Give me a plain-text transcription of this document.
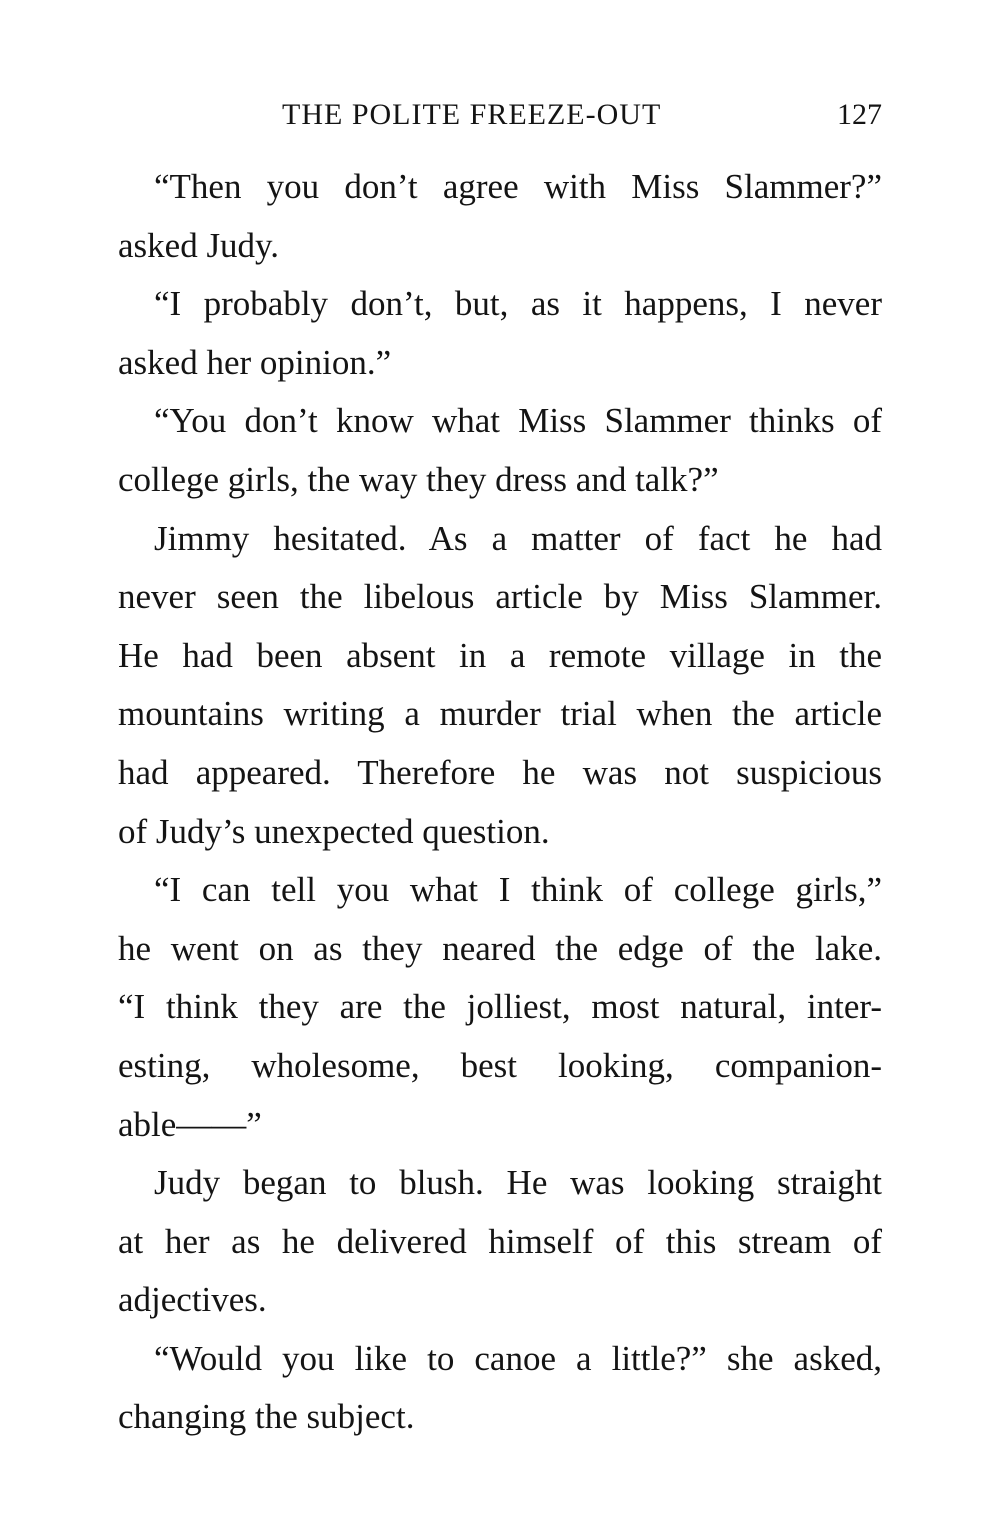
THE POLITE FREEZE-OUT	127
“Then you don’t agree with Miss Slammer?”
asked Judy.
“I probably don’t, but, as it happens, I never
asked her opinion.”
“You don’t know what Miss Slammer thinks of
college girls, the way they dress and talk?”
Jimmy hesitated. As a matter of fact he had
never seen the libelous article by Miss Slammer.
He had been absent in a remote village in the
mountains writing a murder trial when the article
had appeared. Therefore he was not suspicious
of Judy’s unexpected question.
“I can tell you what I think of college girls,”
he went on as they neared the edge of the lake.
“I think they are the jolliest, most natural, inter-
esting, wholesome, best looking, companion-
able——”
Judy began to blush. He was looking straight
at her as he delivered himself of this stream of
adjectives.
“Would you like to canoe a little?” she asked,
changing the subject.
